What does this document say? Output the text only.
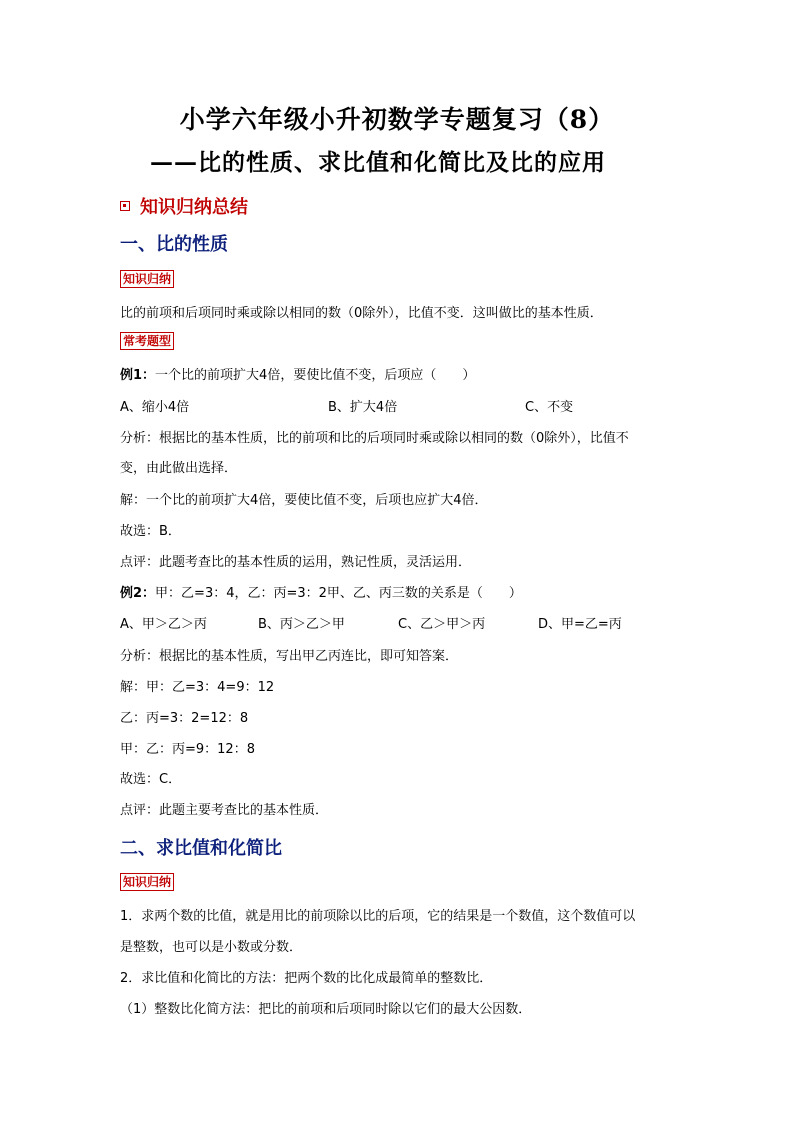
小学六年级小升初数学专题复习（8）
——比的性质、求比值和化简比及比的应用
知识归纳总结
一、比的性质
知识归纳
比的前项和后项同时乘或除以相同的数（0除外），比值不变．这叫做比的基本性质．
常考题型
例1：一个比的前项扩大4倍，要使比值不变，后项应（　　）
A、缩小4倍	B、扩大4倍	C、不变
分析：根据比的基本性质，比的前项和比的后项同时乘或除以相同的数（0除外），比值不
变，由此做出选择．
解：一个比的前项扩大4倍，要使比值不变，后项也应扩大4倍．
故选：B．
点评：此题考查比的基本性质的运用，熟记性质，灵活运用．
例2：甲：乙=3：4，乙：丙=3：2甲、乙、丙三数的关系是（　　）
A、甲＞乙＞丙	B、丙＞乙＞甲	C、乙＞甲＞丙	D、甲=乙=丙
分析：根据比的基本性质，写出甲乙丙连比，即可知答案．
解：甲：乙=3：4=9：12
乙：丙=3：2=12：8
甲：乙：丙=9：12：8
故选：C．
点评：此题主要考查比的基本性质．
二、求比值和化简比
知识归纳
1．求两个数的比值，就是用比的前项除以比的后项，它的结果是一个数值，这个数值可以
是整数，也可以是小数或分数．
2．求比值和化简比的方法：把两个数的比化成最简单的整数比．
（1）整数比化简方法：把比的前项和后项同时除以它们的最大公因数．
